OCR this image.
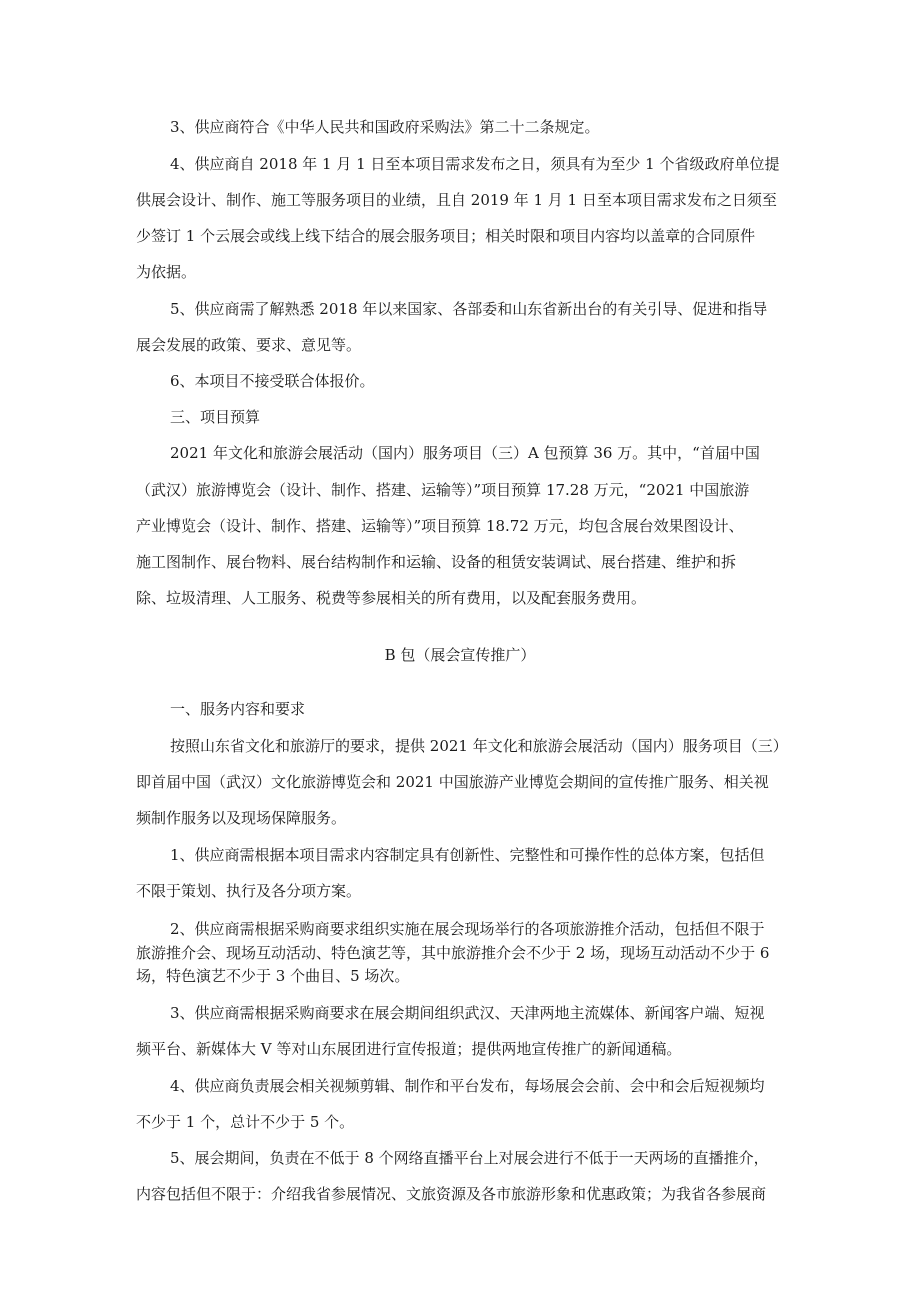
3、供应商符合《中华人民共和国政府采购法》第二十二条规定。
4、供应商自 2018 年 1 月 1 日至本项目需求发布之日，须具有为至少 1 个省级政府单位提
供展会设计、制作、施工等服务项目的业绩，且自 2019 年 1 月 1 日至本项目需求发布之日须至
少签订 1 个云展会或线上线下结合的展会服务项目；相关时限和项目内容均以盖章的合同原件
为依据。
5、供应商需了解熟悉 2018 年以来国家、各部委和山东省新出台的有关引导、促进和指导
展会发展的政策、要求、意见等。
6、本项目不接受联合体报价。
三、项目预算
2021 年文化和旅游会展活动（国内）服务项目（三）A 包预算 36 万。其中，“首届中国
（武汉）旅游博览会（设计、制作、搭建、运输等）”项目预算 17.28 万元，“2021 中国旅游
产业博览会（设计、制作、搭建、运输等）”项目预算 18.72 万元，均包含展台效果图设计、
施工图制作、展台物料、展台结构制作和运输、设备的租赁安装调试、展台搭建、维护和拆
除、垃圾清理、人工服务、税费等参展相关的所有费用，以及配套服务费用。
B 包（展会宣传推广）
一、服务内容和要求
按照山东省文化和旅游厅的要求，提供 2021 年文化和旅游会展活动（国内）服务项目（三）
即首届中国（武汉）文化旅游博览会和 2021 中国旅游产业博览会期间的宣传推广服务、相关视
频制作服务以及现场保障服务。
1、供应商需根据本项目需求内容制定具有创新性、完整性和可操作性的总体方案，包括但
不限于策划、执行及各分项方案。
2、供应商需根据采购商要求组织实施在展会现场举行的各项旅游推介活动，包括但不限于
旅游推介会、现场互动活动、特色演艺等，其中旅游推介会不少于 2 场，现场互动活动不少于 6
场，特色演艺不少于 3 个曲目、5 场次。
3、供应商需根据采购商要求在展会期间组织武汉、天津两地主流媒体、新闻客户端、短视
频平台、新媒体大 V 等对山东展团进行宣传报道；提供两地宣传推广的新闻通稿。
4、供应商负责展会相关视频剪辑、制作和平台发布，每场展会会前、会中和会后短视频均
不少于 1 个，总计不少于 5 个。
5、展会期间，负责在不低于 8 个网络直播平台上对展会进行不低于一天两场的直播推介，
内容包括但不限于：介绍我省参展情况、文旅资源及各市旅游形象和优惠政策；为我省各参展商
